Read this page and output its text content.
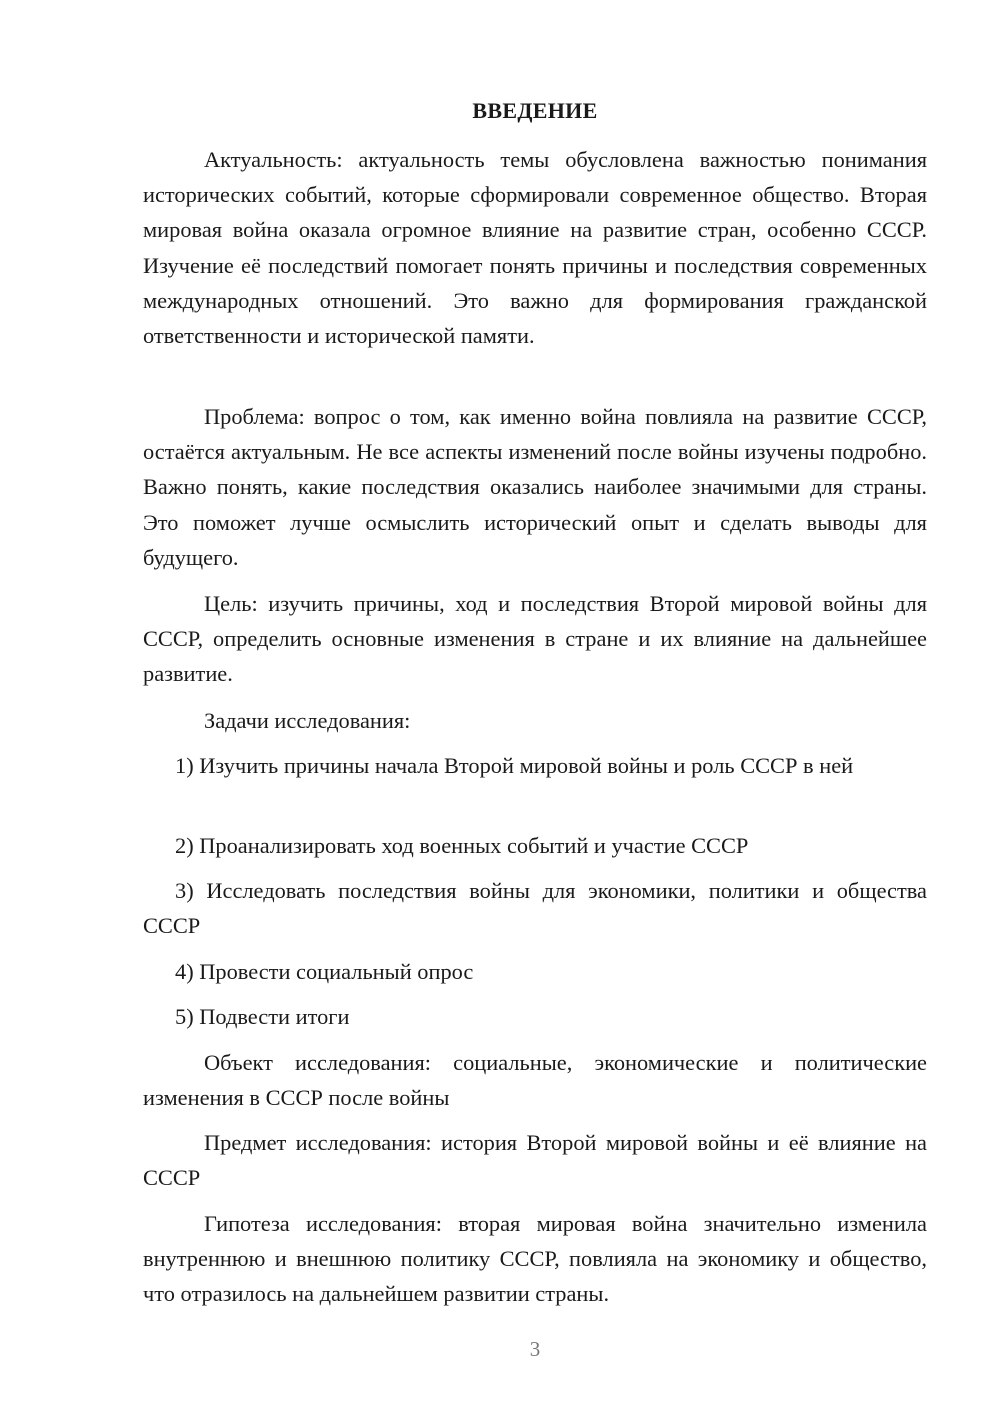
ВВЕДЕНИЕ

Актуальность: актуальность темы обусловлена важностью понимания исторических событий, которые сформировали современное общество. Вторая мировая война оказала огромное влияние на развитие стран, особенно СССР. Изучение её последствий помогает понять причины и последствия современных международных отношений. Это важно для формирования гражданской ответственности и исторической памяти.

Проблема: вопрос о том, как именно война повлияла на развитие СССР, остаётся актуальным. Не все аспекты изменений после войны изучены подробно. Важно понять, какие последствия оказались наиболее значимыми для страны. Это поможет лучше осмыслить исторический опыт и сделать выводы для будущего.

Цель: изучить причины, ход и последствия Второй мировой войны для СССР, определить основные изменения в стране и их влияние на дальнейшее развитие.

Задачи исследования:

1) Изучить причины начала Второй мировой войны и роль СССР в ней

2) Проанализировать ход военных событий и участие СССР

3) Исследовать последствия войны для экономики, политики и общества СССР

4) Провести социальный опрос

5) Подвести итоги

Объект исследования: социальные, экономические и политические изменения в СССР после войны

Предмет исследования: история Второй мировой войны и её влияние на СССР

Гипотеза исследования: вторая мировая война значительно изменила внутреннюю и внешнюю политику СССР, повлияла на экономику и общество, что отразилось на дальнейшем развитии страны.

3
